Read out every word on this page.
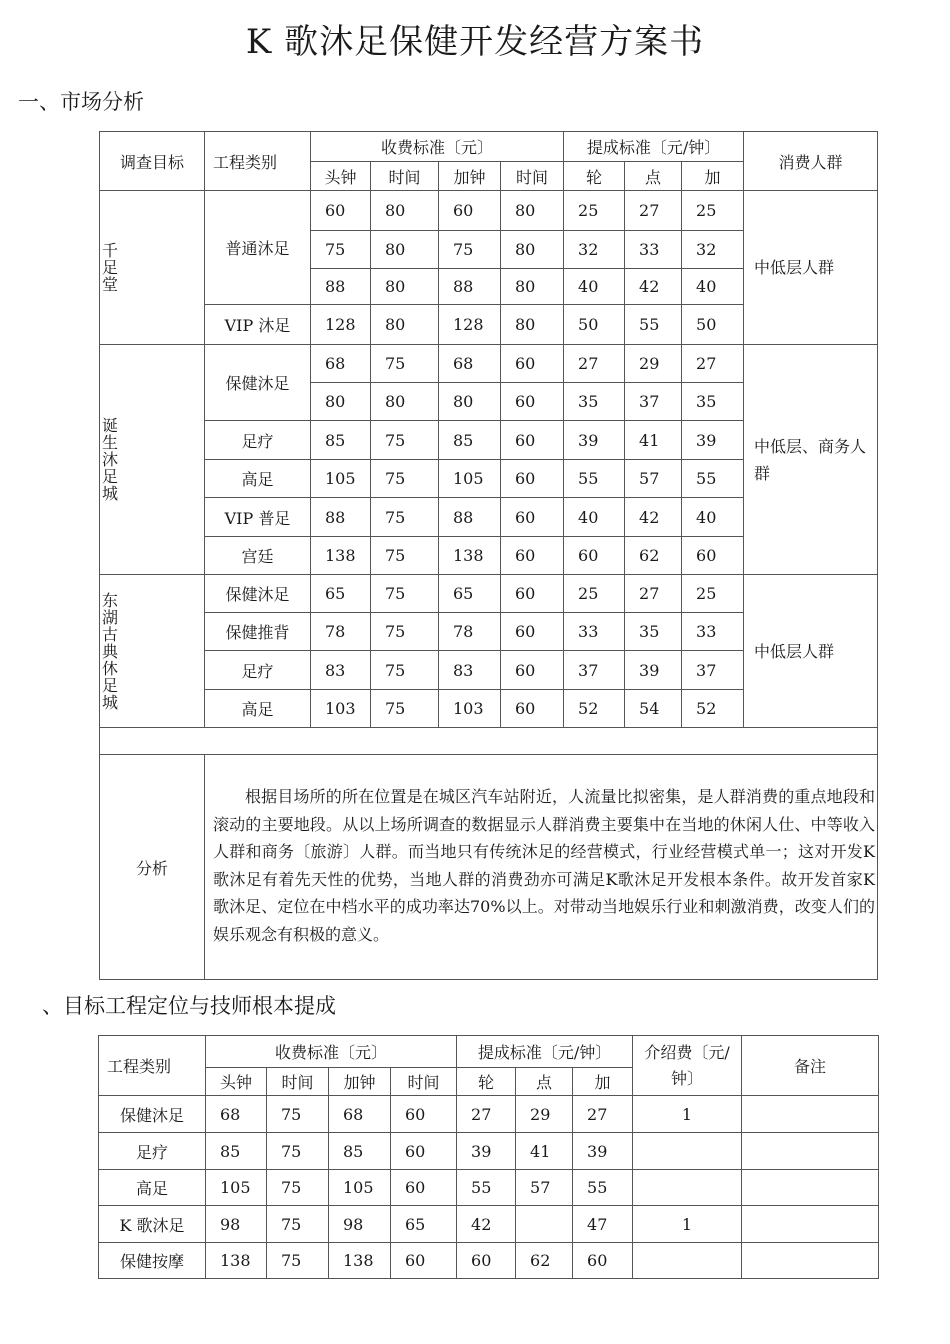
K 歌沐足保健开发经营方案书
一、市场分析
调查目标	工程类别	收费标准〔元〕				提成标准〔元/钟〕			消费人群
		头钟	时间	加钟	时间	轮	点	加	

千足堂	普通沐足	60	80	60	80	25	27	25	中低层人群
		75	80	75	80	32	33	32	
		88	80	88	80	40	42	40	
	VIP 沐足	128	80	128	80	50	55	50	

诞生沐足城	保健沐足	68	75	68	60	27	29	27	中低层、商务人群
		80	80	80	60	35	37	35	
	足疗	85	75	85	60	39	41	39	
	高足	105	75	105	60	55	57	55	
	VIP 普足	88	75	88	60	40	42	40	
	宫廷	138	75	138	60	60	62	60	

东湖古典休足城	保健沐足	65	75	65	60	25	27	25	中低层人群
	保健推背	78	75	78	60	33	35	33	
	足疗	83	75	83	60	37	39	37	
	高足	103	75	103	60	52	54	52	

分析	根据目场所的所在位置是在城区汽车站附近，人流量比拟密集，是人群消费的重点地段和滚动的主要地段。从以上场所调查的数据显示人群消费主要集中在当地的休闲人仕、中等收入人群和商务〔旅游〕人群。而当地只有传统沐足的经营模式，行业经营模式单一；这对开发K歌沐足有着先天性的优势，当地人群的消费劲亦可满足K歌沐足开发根本条件。故开发首家K歌沐足、定位在中档水平的成功率达70%以上。对带动当地娱乐行业和刺激消费，改变人们的娱乐观念有积极的意义。								

工程类别	收费标准〔元〕				提成标准〔元/钟〕			介绍费〔元/钟〕	备注
	头钟	时间	加钟	时间	轮	点	加		
保健沐足	68	75	68	60	27	29	27	1	
足疗	85	75	85	60	39	41	39		
高足	105	75	105	60	55	57	55		
K 歌沐足	98	75	98	65	42		47	1	
保健按摩	138	75	138	60	60	62	60		
、目标工程定位与技师根本提成
